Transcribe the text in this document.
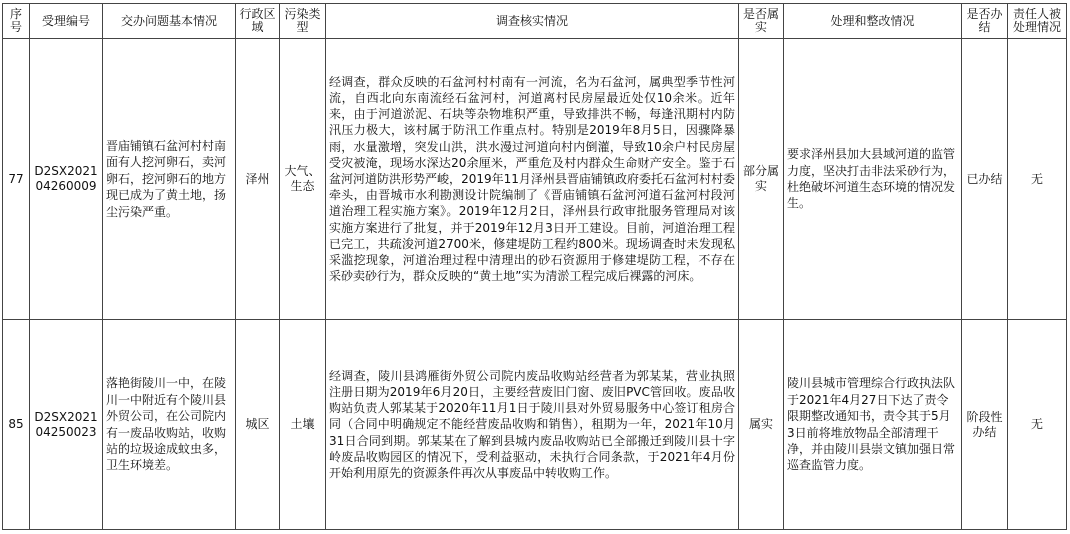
序号	受理编号	交办问题基本情况	行政区域	污染类型	调查核实情况	是否属实	处理和整改情况	是否办结	责任人被处理情况
77	D2SX202104260009	晋庙铺镇石盆河村村南面有人挖河卵石，卖河卵石，挖河卵石的地方现已成为了黄土地，扬尘污染严重。	泽州	大气、生态	经调查，群众反映的石盆河村村南有一河流，名为石盆河，属典型季节性河流，自西北向东南流经石盆河村，河道离村民房屋最近处仅10余米。近年来，由于河道淤泥、石块等杂物堆积严重，导致排洪不畅，每逢汛期村内防汛压力极大，该村属于防汛工作重点村。特别是2019年8月5日，因骤降暴雨，水量激增，突发山洪，洪水漫过河道向村内倒灌，导致10余户村民房屋受灾被淹，现场水深达20余厘米，严重危及村内群众生命财产安全。鉴于石盆河河道防洪形势严峻，2019年11月泽州县晋庙铺镇政府委托石盆河村村委牵头，由晋城市水利勘测设计院编制了《晋庙铺镇石盆河河道石盆河村段河道治理工程实施方案》。2019年12月2日，泽州县行政审批服务管理局对该实施方案进行了批复，并于2019年12月3日开工建设。目前，河道治理工程已完工，共疏浚河道2700米，修建堤防工程约800米。现场调查时未发现私采滥挖现象，河道治理过程中清理出的砂石资源用于修建堤防工程，不存在采砂卖砂行为，群众反映的“黄土地”实为清淤工程完成后裸露的河床。	部分属实	要求泽州县加大县域河道的监管力度，坚决打击非法采砂行为，杜绝破坏河道生态环境的情况发生。	已办结	无
85	D2SX202104250023	落艳街陵川一中，在陵川一中附近有个陵川县外贸公司，在公司院内有一废品收购站，收购站的垃圾途成蚊虫多，卫生环境差。	城区	土壤	经调查，陵川县鸿雁街外贸公司院内废品收购站经营者为郭某某，营业执照注册日期为2019年6月20日，主要经营废旧门窗、废旧PVC管回收。废品收购站负责人郭某某于2020年11月1日于陵川县对外贸易服务中心签订租房合同（合同中明确规定不能经营废品收购和销售），租期为一年，2021年10月31日合同到期。郭某某在了解到县城内废品收购站已全部搬迁到陵川县十字岭废品收购园区的情况下，受利益驱动，未执行合同条款，于2021年4月份开始利用原先的资源条件再次从事废品中转收购工作。	属实	陵川县城市管理综合行政执法队于2021年4月27日下达了责令限期整改通知书，责令其于5月3日前将堆放物品全部清理干净，并由陵川县崇文镇加强日常巡查监管力度。	阶段性办结	无
